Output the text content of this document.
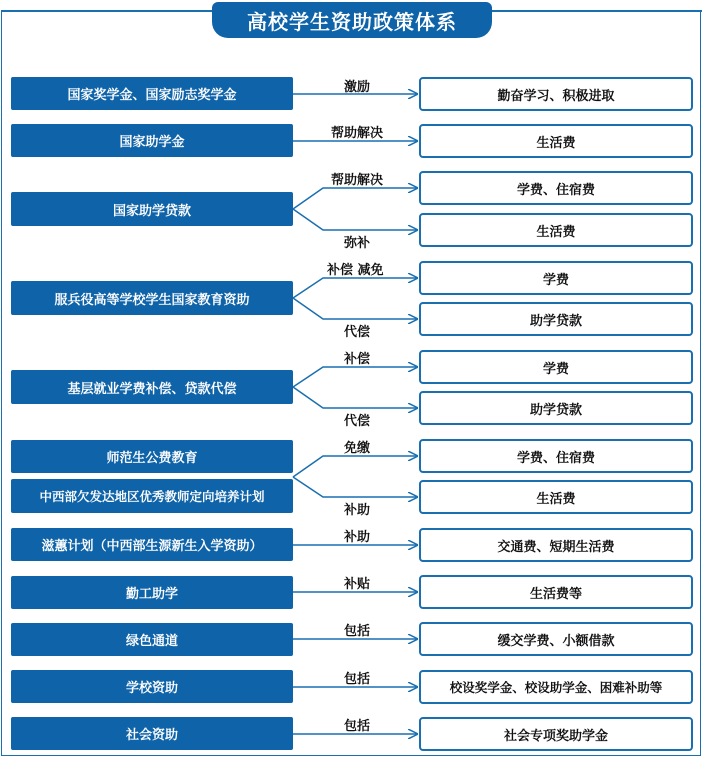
高校学生资助政策体系
国家奖学金、国家励志奖学金
激励
勤奋学习、积极进取
国家助学金
帮助解决
生活费
国家助学贷款
帮助解决
学费、住宿费
弥补
生活费
服兵役高等学校学生国家教育资助
补偿 减免
学费
代偿
助学贷款
基层就业学费补偿、贷款代偿
补偿
学费
代偿
助学贷款
师范生公费教育
中西部欠发达地区优秀教师定向培养计划
免缴
学费、住宿费
补助
生活费
滋蕙计划（中西部生源新生入学资助）
补助
交通费、短期生活费
勤工助学
补贴
生活费等
绿色通道
包括
缓交学费、小额借款
学校资助
包括
校设奖学金、校设助学金、困难补助等
社会资助
包括
社会专项奖助学金
